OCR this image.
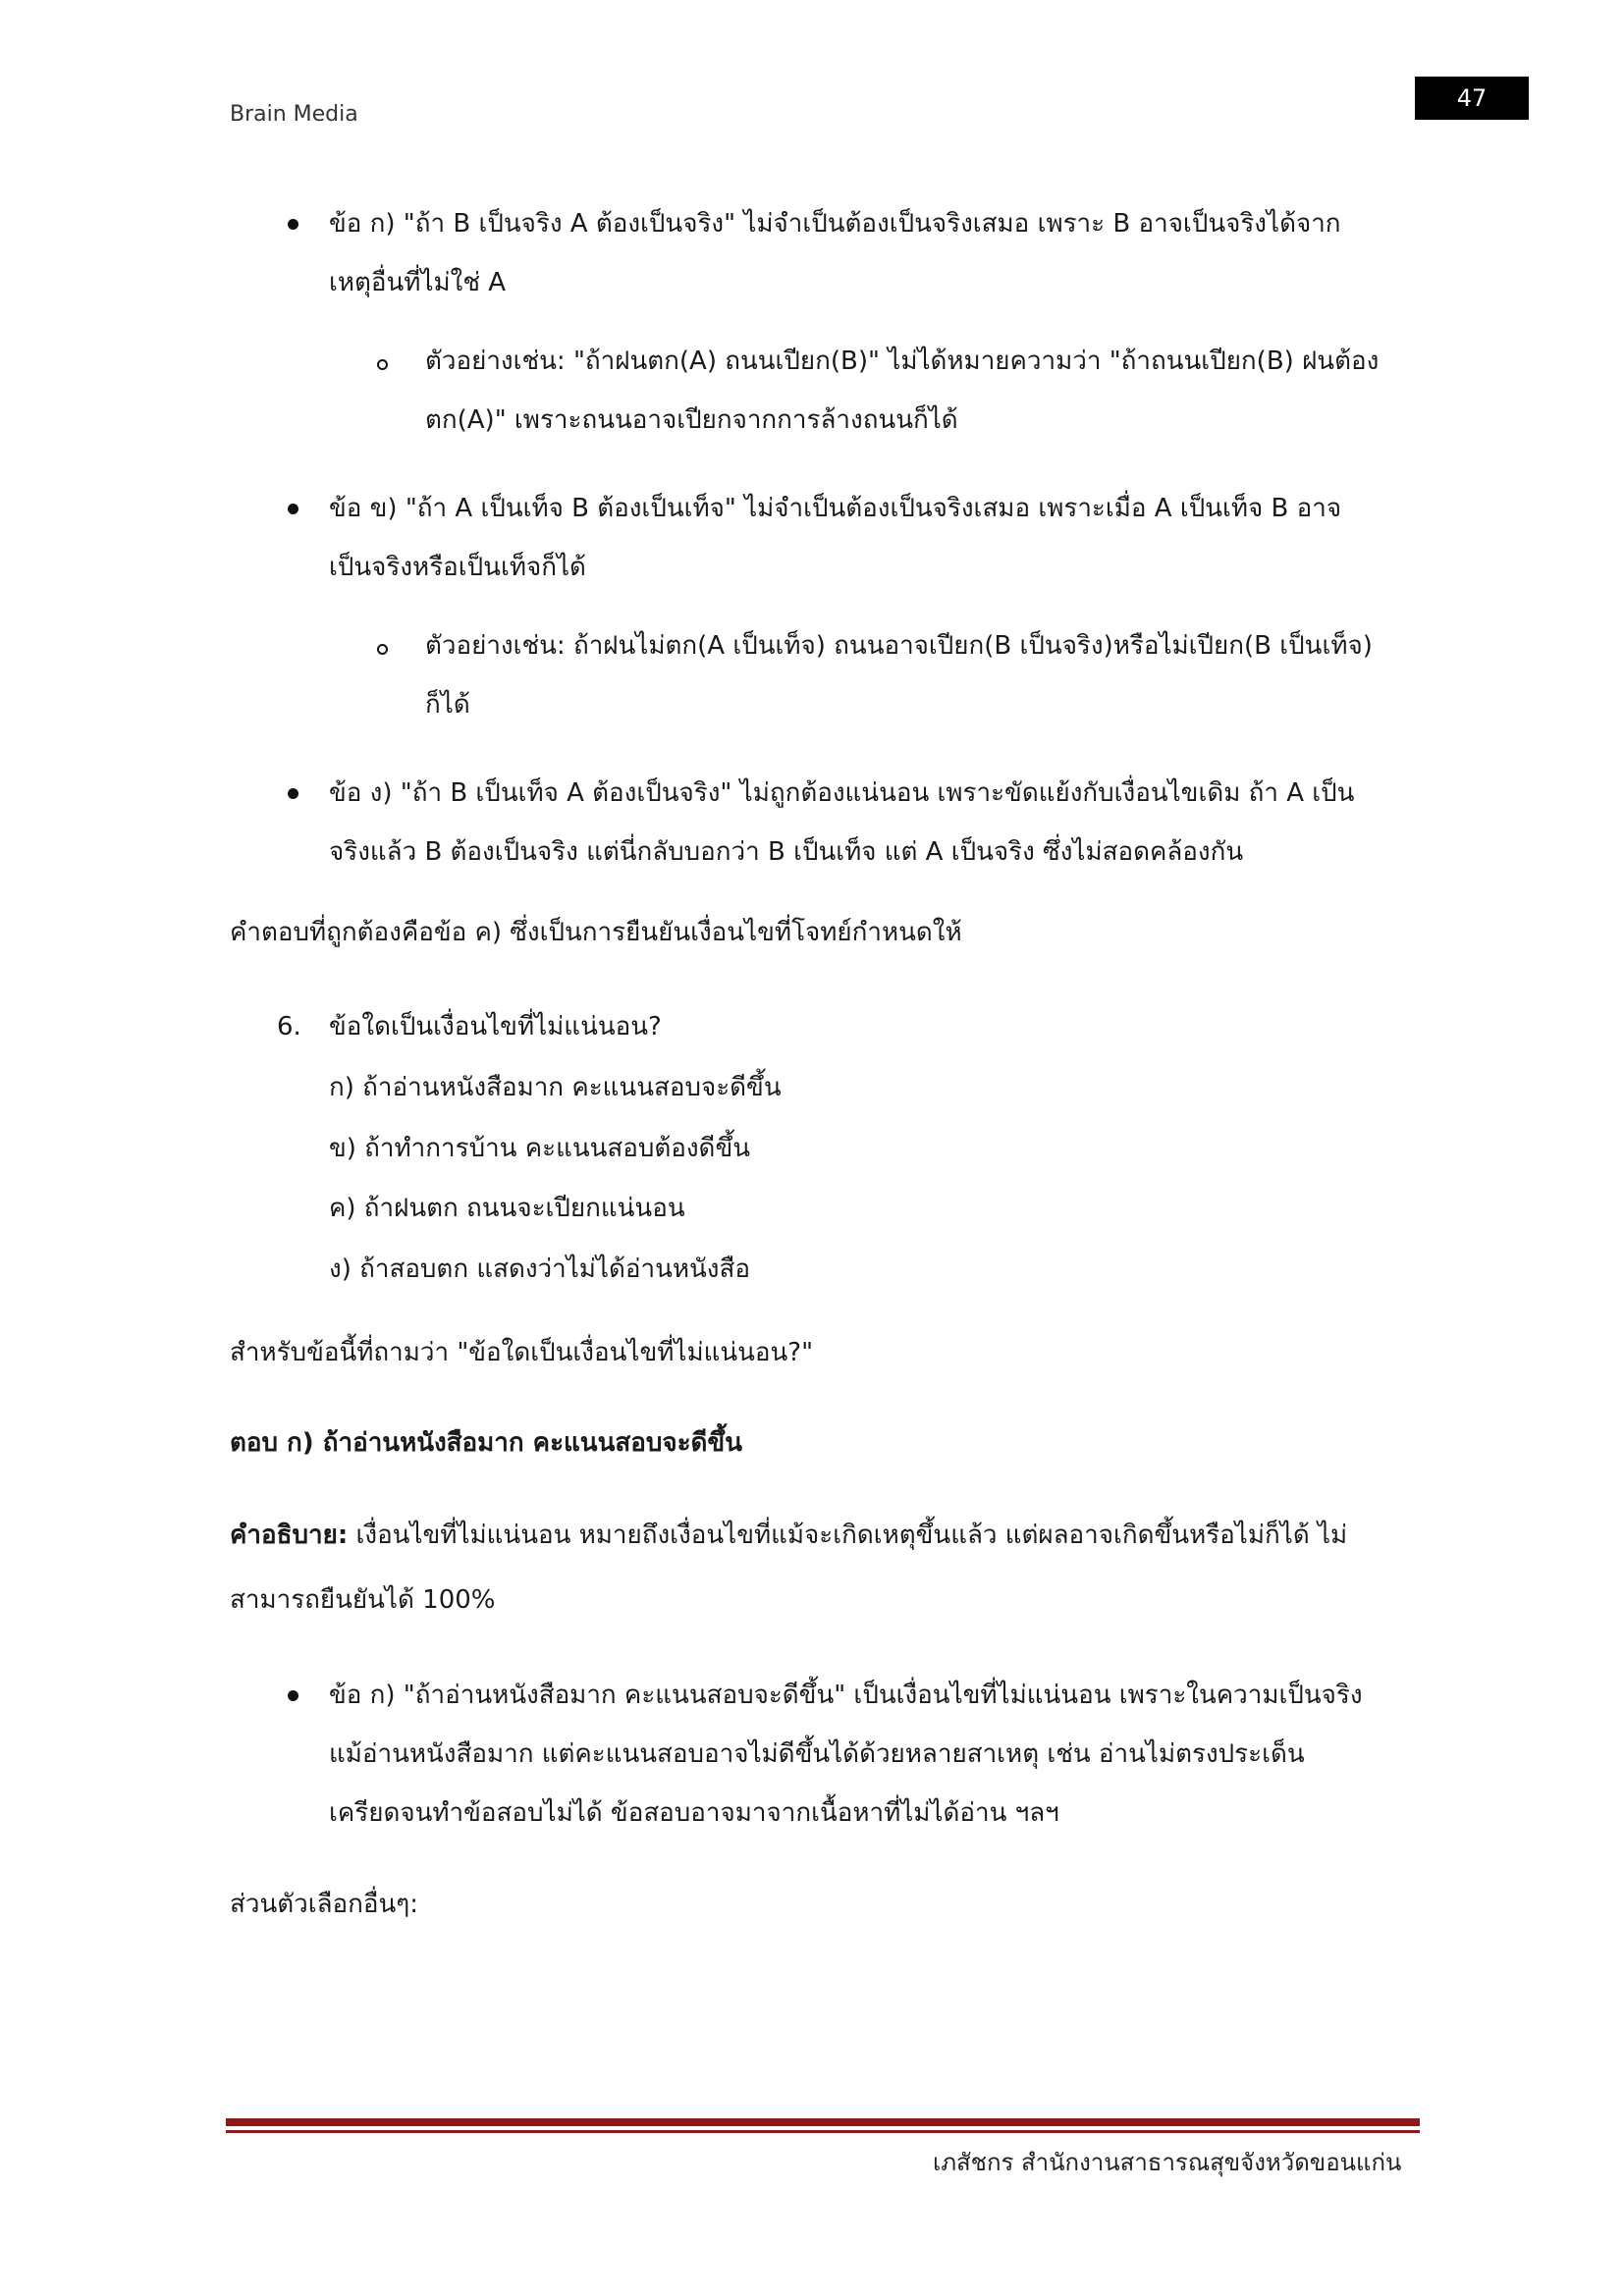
Brain Media
47
ข้อ ก) "ถ้า B เป็นจริง A ต้องเป็นจริง" ไม่จำเป็นต้องเป็นจริงเสมอ เพราะ B อาจเป็นจริงได้จาก
เหตุอื่นที่ไม่ใช่ A
ตัวอย่างเช่น: "ถ้าฝนตก(A) ถนนเปียก(B)" ไม่ได้หมายความว่า "ถ้าถนนเปียก(B) ฝนต้อง
ตก(A)" เพราะถนนอาจเปียกจากการล้างถนนก็ได้
ข้อ ข) "ถ้า A เป็นเท็จ B ต้องเป็นเท็จ" ไม่จำเป็นต้องเป็นจริงเสมอ เพราะเมื่อ A เป็นเท็จ B อาจ
เป็นจริงหรือเป็นเท็จก็ได้
ตัวอย่างเช่น: ถ้าฝนไม่ตก(A เป็นเท็จ) ถนนอาจเปียก(B เป็นจริง)หรือไม่เปียก(B เป็นเท็จ)
ก็ได้
ข้อ ง) "ถ้า B เป็นเท็จ A ต้องเป็นจริง" ไม่ถูกต้องแน่นอน เพราะขัดแย้งกับเงื่อนไขเดิม ถ้า A เป็น
จริงแล้ว B ต้องเป็นจริง แต่นี่กลับบอกว่า B เป็นเท็จ แต่ A เป็นจริง ซึ่งไม่สอดคล้องกัน
คำตอบที่ถูกต้องคือข้อ ค) ซึ่งเป็นการยืนยันเงื่อนไขที่โจทย์กำหนดให้
6. ข้อใดเป็นเงื่อนไขที่ไม่แน่นอน?
ก) ถ้าอ่านหนังสือมาก คะแนนสอบจะดีขึ้น
ข) ถ้าทำการบ้าน คะแนนสอบต้องดีขึ้น
ค) ถ้าฝนตก ถนนจะเปียกแน่นอน
ง) ถ้าสอบตก แสดงว่าไม่ได้อ่านหนังสือ
สำหรับข้อนี้ที่ถามว่า "ข้อใดเป็นเงื่อนไขที่ไม่แน่นอน?"
ตอบ ก) ถ้าอ่านหนังสือมาก คะแนนสอบจะดีขึ้น
คำอธิบาย: เงื่อนไขที่ไม่แน่นอน หมายถึงเงื่อนไขที่แม้จะเกิดเหตุขึ้นแล้ว แต่ผลอาจเกิดขึ้นหรือไม่ก็ได้ ไม่
สามารถยืนยันได้ 100%
ข้อ ก) "ถ้าอ่านหนังสือมาก คะแนนสอบจะดีขึ้น" เป็นเงื่อนไขที่ไม่แน่นอน เพราะในความเป็นจริง
แม้อ่านหนังสือมาก แต่คะแนนสอบอาจไม่ดีขึ้นได้ด้วยหลายสาเหตุ เช่น อ่านไม่ตรงประเด็น
เครียดจนทำข้อสอบไม่ได้ ข้อสอบอาจมาจากเนื้อหาที่ไม่ได้อ่าน ฯลฯ
ส่วนตัวเลือกอื่นๆ:
เภสัชกร สำนักงานสาธารณสุขจังหวัดขอนแก่น
